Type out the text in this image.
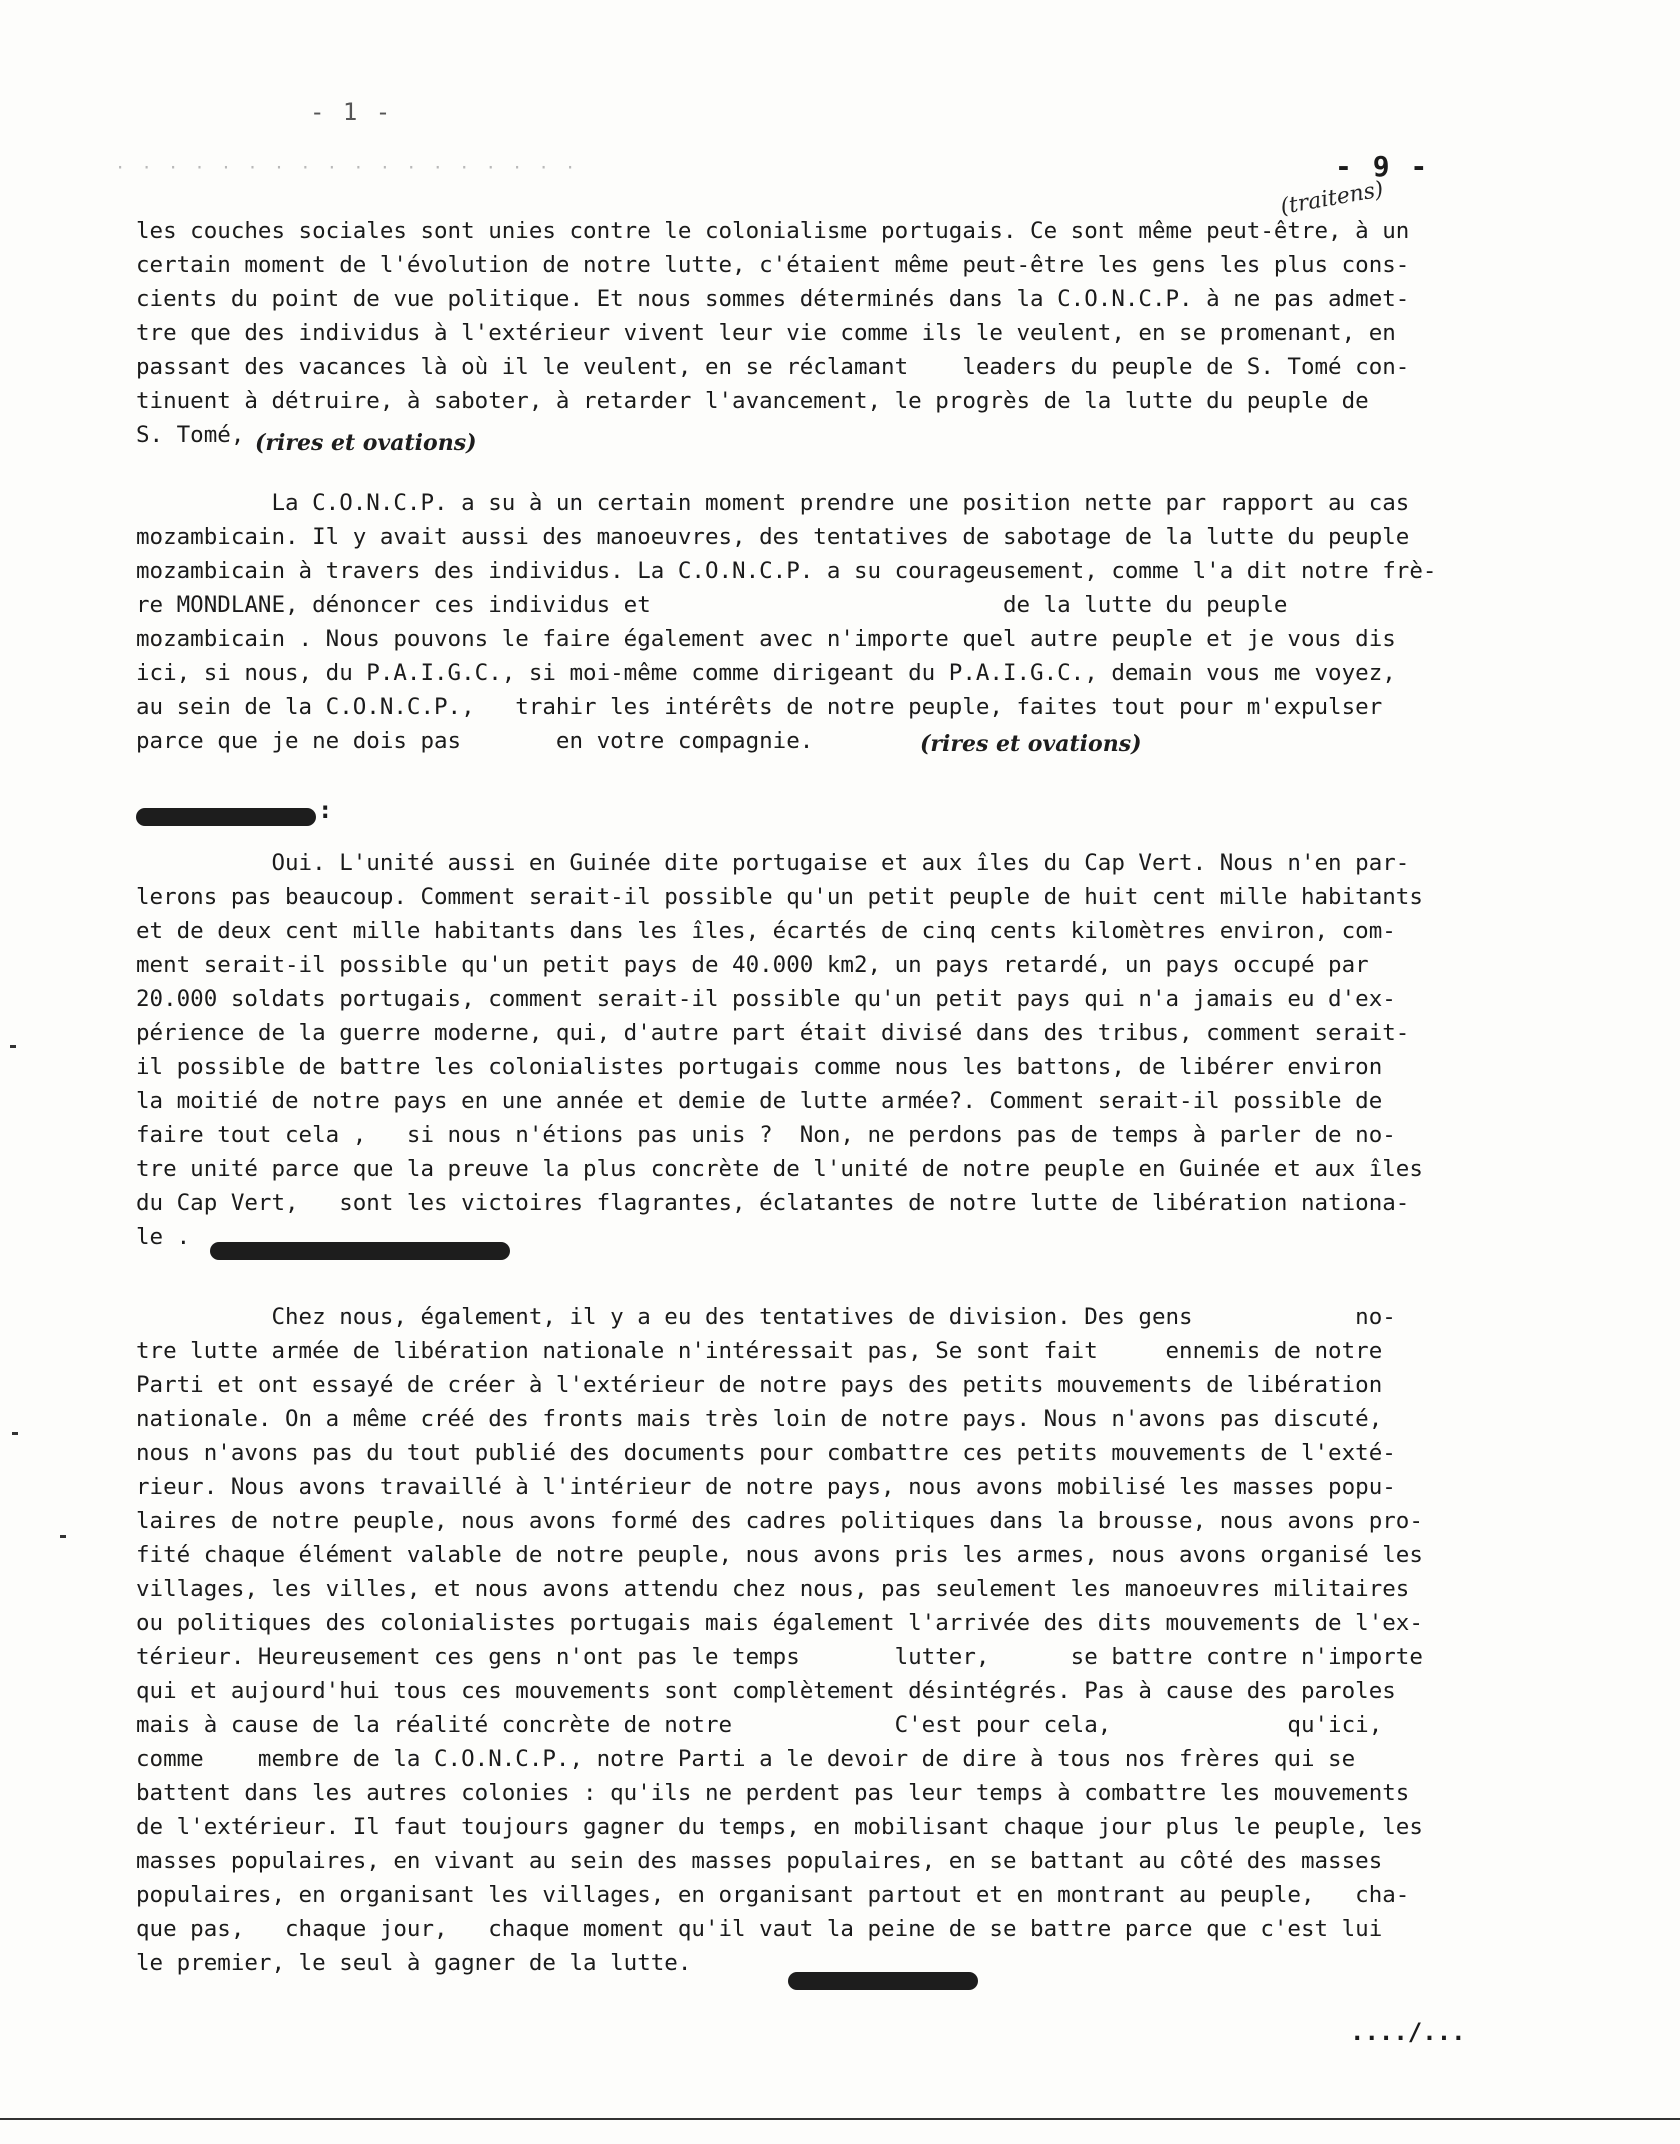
- 1 -
· · · · · · · · · · · · · · · · · ·	- 9 -
(traitens)

les couches sociales sont unies contre le colonialisme portugais. Ce sont même peut-être, à un
certain moment de l'évolution de notre lutte, c'étaient même peut-être les gens les plus cons-
cients du point de vue politique. Et nous sommes déterminés dans la C.O.N.C.P. à ne pas admet-
tre que des individus à l'extérieur vivent leur vie comme ils le veulent, en se promenant, en
passant des vacances là où il le veulent, en se réclamant    leaders du peuple de S. Tomé con-
tinuent à détruire, à saboter, à retarder l'avancement, le progrès de la lutte du peuple de
S. Tomé, (rires et ovations)

La C.O.N.C.P. a su à un certain moment prendre une position nette par rapport au cas
mozambicain. Il y avait aussi des manoeuvres, des tentatives de sabotage de la lutte du peuple
mozambicain à travers des individus. La C.O.N.C.P. a su courageusement, comme l'a dit notre frè-
re MONDLANE, dénoncer ces individus et                          de la lutte du peuple
mozambicain . Nous pouvons le faire également avec n'importe quel autre peuple et je vous dis
ici, si nous, du P.A.I.G.C., si moi-même comme dirigeant du P.A.I.G.C., demain vous me voyez,
au sein de la C.O.N.C.P.,   trahir les intérêts de notre peuple, faites tout pour m'expulser
parce que je ne dois pas       en votre compagnie.	(rires et ovations)
:

Oui. L'unité aussi en Guinée dite portugaise et aux îles du Cap Vert. Nous n'en par-
lerons pas beaucoup. Comment serait-il possible qu'un petit peuple de huit cent mille habitants
et de deux cent mille habitants dans les îles, écartés de cinq cents kilomètres environ, com-
ment serait-il possible qu'un petit pays de 40.000 km2, un pays retardé, un pays occupé par
20.000 soldats portugais, comment serait-il possible qu'un petit pays qui n'a jamais eu d'ex-
périence de la guerre moderne, qui, d'autre part était divisé dans des tribus, comment serait-
il possible de battre les colonialistes portugais comme nous les battons, de libérer environ
la moitié de notre pays en une année et demie de lutte armée?. Comment serait-il possible de
faire tout cela ,   si nous n'étions pas unis ?  Non, ne perdons pas de temps à parler de no-
tre unité parce que la preuve la plus concrète de l'unité de notre peuple en Guinée et aux îles
du Cap Vert,   sont les victoires flagrantes, éclatantes de notre lutte de libération nationa-
le .

Chez nous, également, il y a eu des tentatives de division. Des gens            no-
tre lutte armée de libération nationale n'intéressait pas, Se sont fait     ennemis de notre
Parti et ont essayé de créer à l'extérieur de notre pays des petits mouvements de libération
nationale. On a même créé des fronts mais très loin de notre pays. Nous n'avons pas discuté,
nous n'avons pas du tout publié des documents pour combattre ces petits mouvements de l'exté-
rieur. Nous avons travaillé à l'intérieur de notre pays, nous avons mobilisé les masses popu-
laires de notre peuple, nous avons formé des cadres politiques dans la brousse, nous avons pro-
fité chaque élément valable de notre peuple, nous avons pris les armes, nous avons organisé les
villages, les villes, et nous avons attendu chez nous, pas seulement les manoeuvres militaires
ou politiques des colonialistes portugais mais également l'arrivée des dits mouvements de l'ex-
térieur. Heureusement ces gens n'ont pas le temps       lutter,      se battre contre n'importe
qui et aujourd'hui tous ces mouvements sont complètement désintégrés. Pas à cause des paroles
mais à cause de la réalité concrète de notre            C'est pour cela,             qu'ici,
comme    membre de la C.O.N.C.P., notre Parti a le devoir de dire à tous nos frères qui se
battent dans les autres colonies : qu'ils ne perdent pas leur temps à combattre les mouvements
de l'extérieur. Il faut toujours gagner du temps, en mobilisant chaque jour plus le peuple, les
masses populaires, en vivant au sein des masses populaires, en se battant au côté des masses
populaires, en organisant les villages, en organisant partout et en montrant au peuple,   cha-
que pas,   chaque jour,   chaque moment qu'il vaut la peine de se battre parce que c'est lui
le premier, le seul à gagner de la lutte.

..../...
